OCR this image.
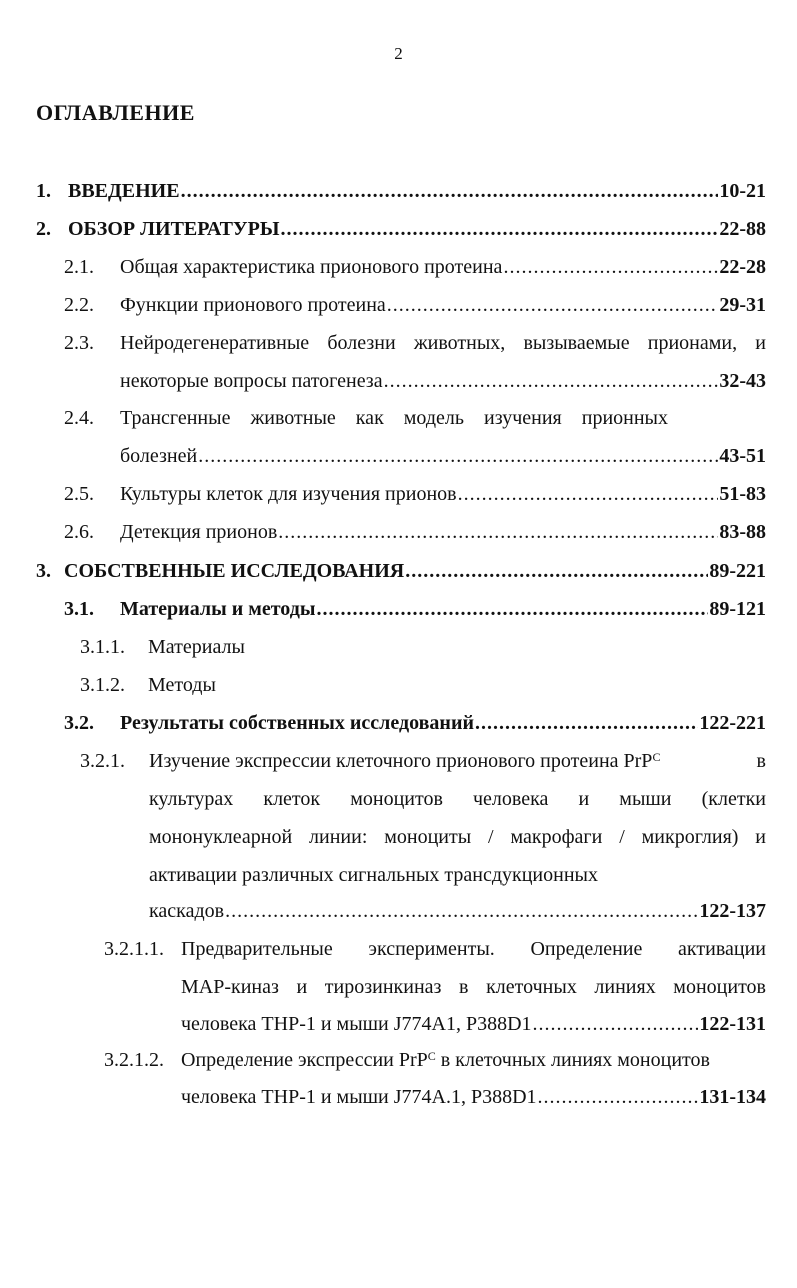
2
ОГЛАВЛЕНИЕ
1. ВВЕДЕНИЕ .....	10-21
2. ОБЗОР ЛИТЕРАТУРЫ .....	22-88
2.1.	Общая характеристика прионового протеина .....	22-28
2.2.	Функции прионового протеина .....	29-31
2.3. Нейродегенеративные болезни животных, вызываемые прионами, и
некоторые вопросы патогенеза .....	32-43
2.4. Трансгенные животные как модель изучения прионных
болезней .....	43-51
2.5.	Культуры клеток для изучения прионов .....	51-83
2.6.	Детекция прионов .....	83-88
3. СОБСТВЕННЫЕ ИССЛЕДОВАНИЯ .....	89-221
3.1.	Материалы и методы .....	89-121
3.1.1.	Материалы
3.1.2.	Методы
3.2.	Результаты собственных исследований .....	122-221
3.2.1. Изучение экспрессии клеточного прионового протеина PrP$^C$	в
культурах клеток моноцитов человека и мыши (клетки
мононуклеарной линии: моноциты / макрофаги / микроглия) и
активации различных сигнальных трансдукционных
каскадов .....	122-137
3.2.1.1. Предварительные эксперименты. Определение активации
MAP-киназ и тирозинкиназ в клеточных линиях моноцитов
человека THP-1 и мыши J774A1, P388D1 .....	122-131
3.2.1.2. Определение экспрессии PrP$^C$ в клеточных линиях моноцитов
человека THP-1 и мыши J774A.1, P388D1 .....	131-134
